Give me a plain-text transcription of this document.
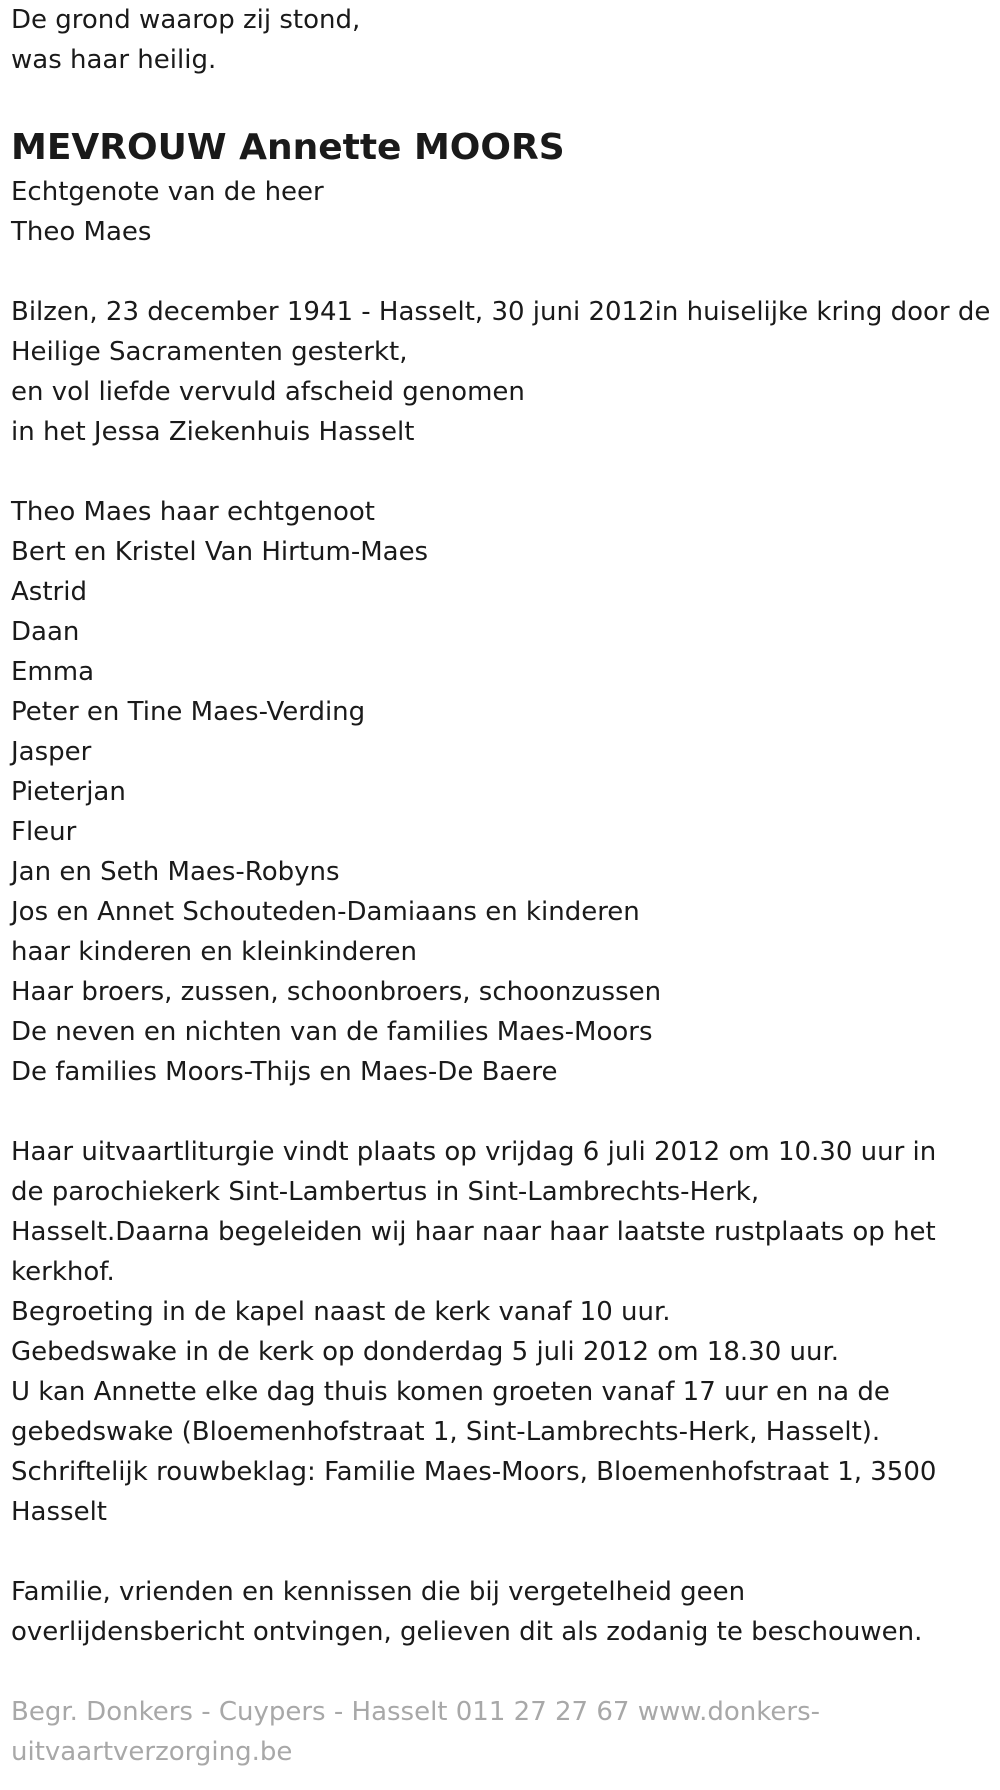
De grond waarop zij stond,
was haar heilig.
MEVROUW Annette MOORS
Echtgenote van de heer
Theo Maes
Bilzen, 23 december 1941 - Hasselt, 30 juni 2012in huiselijke kring door de
Heilige Sacramenten gesterkt,
en vol liefde vervuld afscheid genomen
in het Jessa Ziekenhuis Hasselt
Theo Maes haar echtgenoot
Bert en Kristel Van Hirtum-Maes
Astrid
Daan
Emma
Peter en Tine Maes-Verding
Jasper
Pieterjan
Fleur
Jan en Seth Maes-Robyns
Jos en Annet Schouteden-Damiaans en kinderen
haar kinderen en kleinkinderen
Haar broers, zussen, schoonbroers, schoonzussen
De neven en nichten van de families Maes-Moors
De families Moors-Thijs en Maes-De Baere
Haar uitvaartliturgie vindt plaats op vrijdag 6 juli 2012 om 10.30 uur in
de parochiekerk Sint-Lambertus in Sint-Lambrechts-Herk,
Hasselt.Daarna begeleiden wij haar naar haar laatste rustplaats op het
kerkhof.
Begroeting in de kapel naast de kerk vanaf 10 uur.
Gebedswake in de kerk op donderdag 5 juli 2012 om 18.30 uur.
U kan Annette elke dag thuis komen groeten vanaf 17 uur en na de
gebedswake (Bloemenhofstraat 1, Sint-Lambrechts-Herk, Hasselt).
Schriftelijk rouwbeklag: Familie Maes-Moors, Bloemenhofstraat 1, 3500
Hasselt
Familie, vrienden en kennissen die bij vergetelheid geen
overlijdensbericht ontvingen, gelieven dit als zodanig te beschouwen.
Begr. Donkers - Cuypers - Hasselt 011 27 27 67 www.donkers-
uitvaartverzorging.be
